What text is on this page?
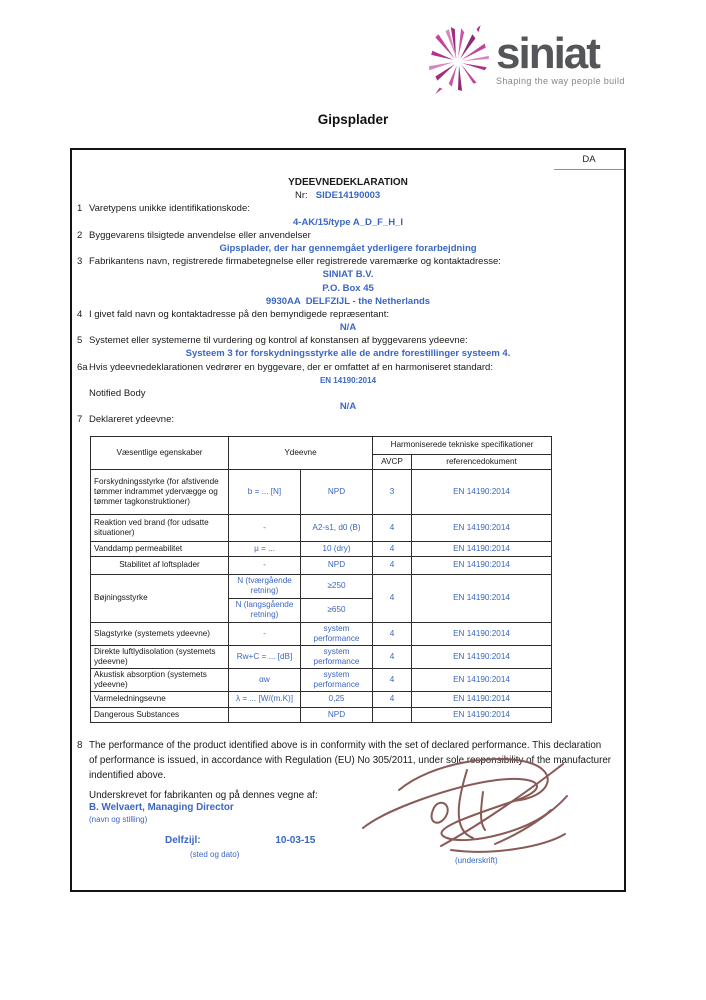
siniat
Shaping the way people build
Gipsplader
DA
YDEEVNEDEKLARATION
Nr: SIDE14190003
1 Varetypens unikke identifikationskode:
4-AK/15/type A_D_F_H_I
2 Byggevarens tilsigtede anvendelse eller anvendelser
Gipsplader, der har gennemgået yderligere forarbejdning
3 Fabrikantens navn, registrerede firmabetegnelse eller registrerede varemærke og kontaktadresse:
SINIAT B.V.
P.O. Box 45
9930AA  DELFZIJL - the Netherlands
4 I givet fald navn og kontaktadresse på den bemyndigede repræsentant:
N/A
5 Systemet eller systemerne til vurdering og kontrol af konstansen af byggevarens ydeevne:
Systeem 3 for forskydningsstyrke alle de andre forestillinger systeem 4.
6a Hvis ydeevnedeklarationen vedrører en byggevare, der er omfattet af en harmoniseret standard:
EN 14190:2014
Notified Body
N/A
7 Deklareret ydeevne:
Væsentlige egenskaber	Ydeevne		Harmoniserede tekniske specifikationer	
			AVCP	referencedokument
Forskydningsstyrke (for afstivende tømmer indrammet ydervægge og tømmer tagkonstruktioner)	b = ... [N]	NPD	3	EN 14190:2014
Reaktion ved brand (for udsatte situationer)	-	A2-s1, d0 (B)	4	EN 14190:2014
Vanddamp permeabilitet	μ = ...	10 (dry)	4	EN 14190:2014
Stabilitet af loftsplader	-	NPD	4	EN 14190:2014
Bøjningsstyrke	N (tværgående retning)	≥250	4	EN 14190:2014
	N (langsgående retning)	≥650		
Slagstyrke (systemets ydeevne)	-	system performance	4	EN 14190:2014
Direkte luftlydisolation (systemets ydeevne)	Rw+C = ... [dB]	system performance	4	EN 14190:2014
Akustisk absorption (systemets ydeevne)	αw	system performance	4	EN 14190:2014
Varmeledningsevne	λ = ... [W/(m.K)]	0,25	4	EN 14190:2014
Dangerous Substances		NPD		EN 14190:2014
8 The performance of the product identified above is in conformity with the set of declared performance. This declaration of performance is issued, in accordance with Regulation (EU) No 305/2011, under sole responsibility of the manufacturer indentified above.
Underskrevet for fabrikanten og på dennes vegne af:
B. Welvaert, Managing Director
(navn og stilling)
Delfzijl:	10-03-15
(sted og dato)
(underskrift)
